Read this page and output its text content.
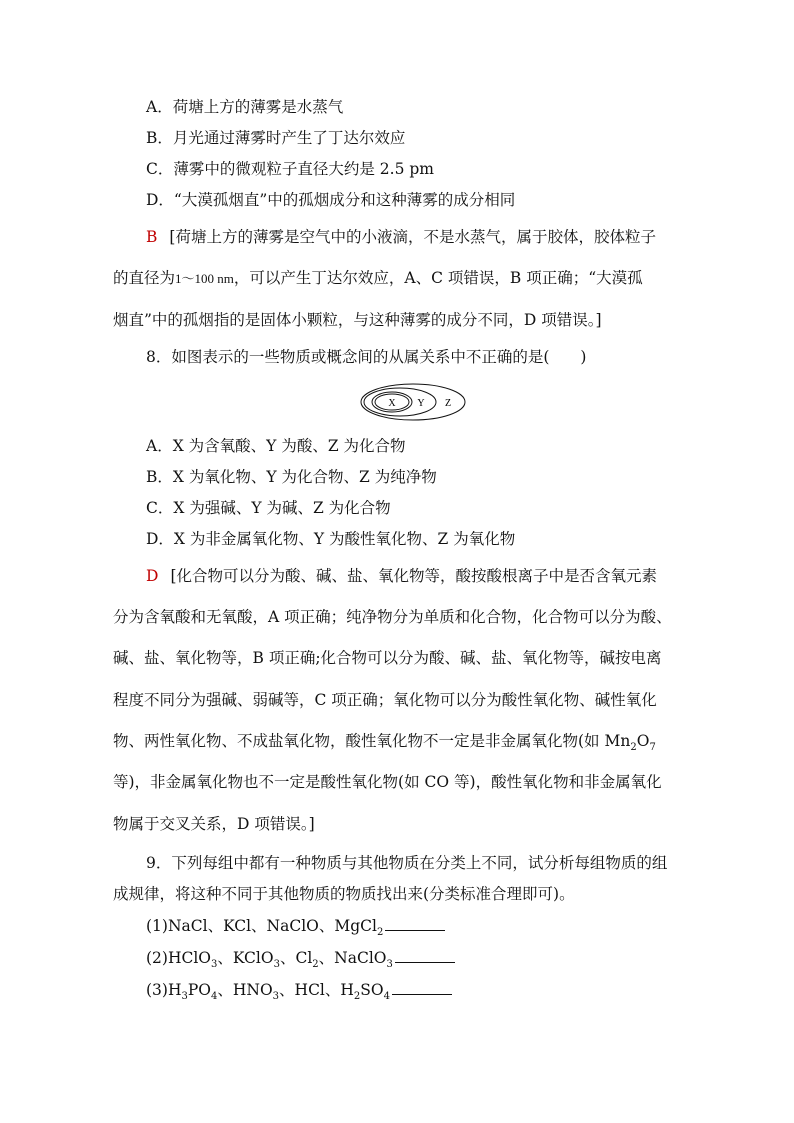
A．荷塘上方的薄雾是水蒸气
B．月光通过薄雾时产生了丁达尔效应
C．薄雾中的微观粒子直径大约是 2.5 pm
D．“大漠孤烟直”中的孤烟成分和这种薄雾的成分相同
B [荷塘上方的薄雾是空气中的小液滴，不是水蒸气，属于胶体，胶体粒子
的直径为1～100 nm，可以产生丁达尔效应，A、C 项错误，B 项正确；“大漠孤
烟直”中的孤烟指的是固体小颗粒，与这种薄雾的成分不同，D 项错误。]
8．如图表示的一些物质或概念间的从属关系中不正确的是(　　)
X Y Z
A．X 为含氧酸、Y 为酸、Z 为化合物
B．X 为氧化物、Y 为化合物、Z 为纯净物
C．X 为强碱、Y 为碱、Z 为化合物
D．X 为非金属氧化物、Y 为酸性氧化物、Z 为氧化物
D [化合物可以分为酸、碱、盐、氧化物等，酸按酸根离子中是否含氧元素
分为含氧酸和无氧酸，A 项正确；纯净物分为单质和化合物，化合物可以分为酸、
碱、盐、氧化物等，B 项正确;化合物可以分为酸、碱、盐、氧化物等，碱按电离
程度不同分为强碱、弱碱等，C 项正确；氧化物可以分为酸性氧化物、碱性氧化
物、两性氧化物、不成盐氧化物，酸性氧化物不一定是非金属氧化物(如 $Mn_2O_7$
等)，非金属氧化物也不一定是酸性氧化物(如 CO 等)，酸性氧化物和非金属氧化
物属于交叉关系，D 项错误。]
9．下列每组中都有一种物质与其他物质在分类上不同，试分析每组物质的组
成规律，将这种不同于其他物质的物质找出来(分类标准合理即可)。
(1)NaCl、KCl、NaClO、MgCl$_2$
(2)HClO$_3$、KClO$_3$、$Cl_2$、NaClO$_3$
$(3)H_3PO_4$、$HNO_3$、HCl、$H_2SO_4$
